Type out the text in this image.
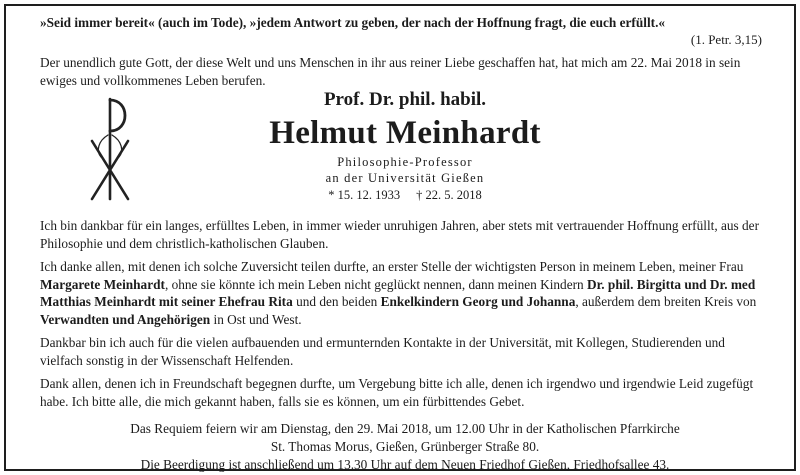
»Seid immer bereit« (auch im Tode), »jedem Antwort zu geben, der nach der Hoffnung fragt, die euch erfüllt.«

(1. Petr. 3,15)

Der unendlich gute Gott, der diese Welt und uns Menschen in ihr aus reiner Liebe geschaffen hat, hat mich am 22. Mai 2018 in sein ewiges und vollkommenes Leben berufen.

Prof. Dr. phil. habil.
Helmut Meinhardt
Philosophie-Professor
an der Universität Gießen
* 15. 12. 1933 † 22. 5. 2018

Ich bin dankbar für ein langes, erfülltes Leben, in immer wieder unruhigen Jahren, aber stets mit vertrauender Hoffnung erfüllt, aus der Philosophie und dem christlich-katholischen Glauben.

Ich danke allen, mit denen ich solche Zuversicht teilen durfte, an erster Stelle der wichtigsten Person in meinem Leben, meiner Frau Margarete Meinhardt, ohne sie könnte ich mein Leben nicht geglückt nennen, dann meinen Kindern Dr. phil. Birgitta und Dr. med Matthias Meinhardt mit seiner Ehefrau Rita und den beiden Enkelkindern Georg und Johanna, außerdem dem breiten Kreis von Verwandten und Angehörigen in Ost und West.

Dankbar bin ich auch für die vielen aufbauenden und ermunternden Kontakte in der Universität, mit Kollegen, Studierenden und vielfach sonstig in der Wissenschaft Helfenden.

Dank allen, denen ich in Freundschaft begegnen durfte, um Vergebung bitte ich alle, denen ich irgendwo und irgendwie Leid zugefügt habe. Ich bitte alle, die mich gekannt haben, falls sie es können, um ein fürbittendes Gebet.

Das Requiem feiern wir am Dienstag, den 29. Mai 2018, um 12.00 Uhr in der Katholischen Pfarrkirche

St. Thomas Morus, Gießen, Grünberger Straße 80.

Die Beerdigung ist anschließend um 13.30 Uhr auf dem Neuen Friedhof Gießen, Friedhofsallee 43.
